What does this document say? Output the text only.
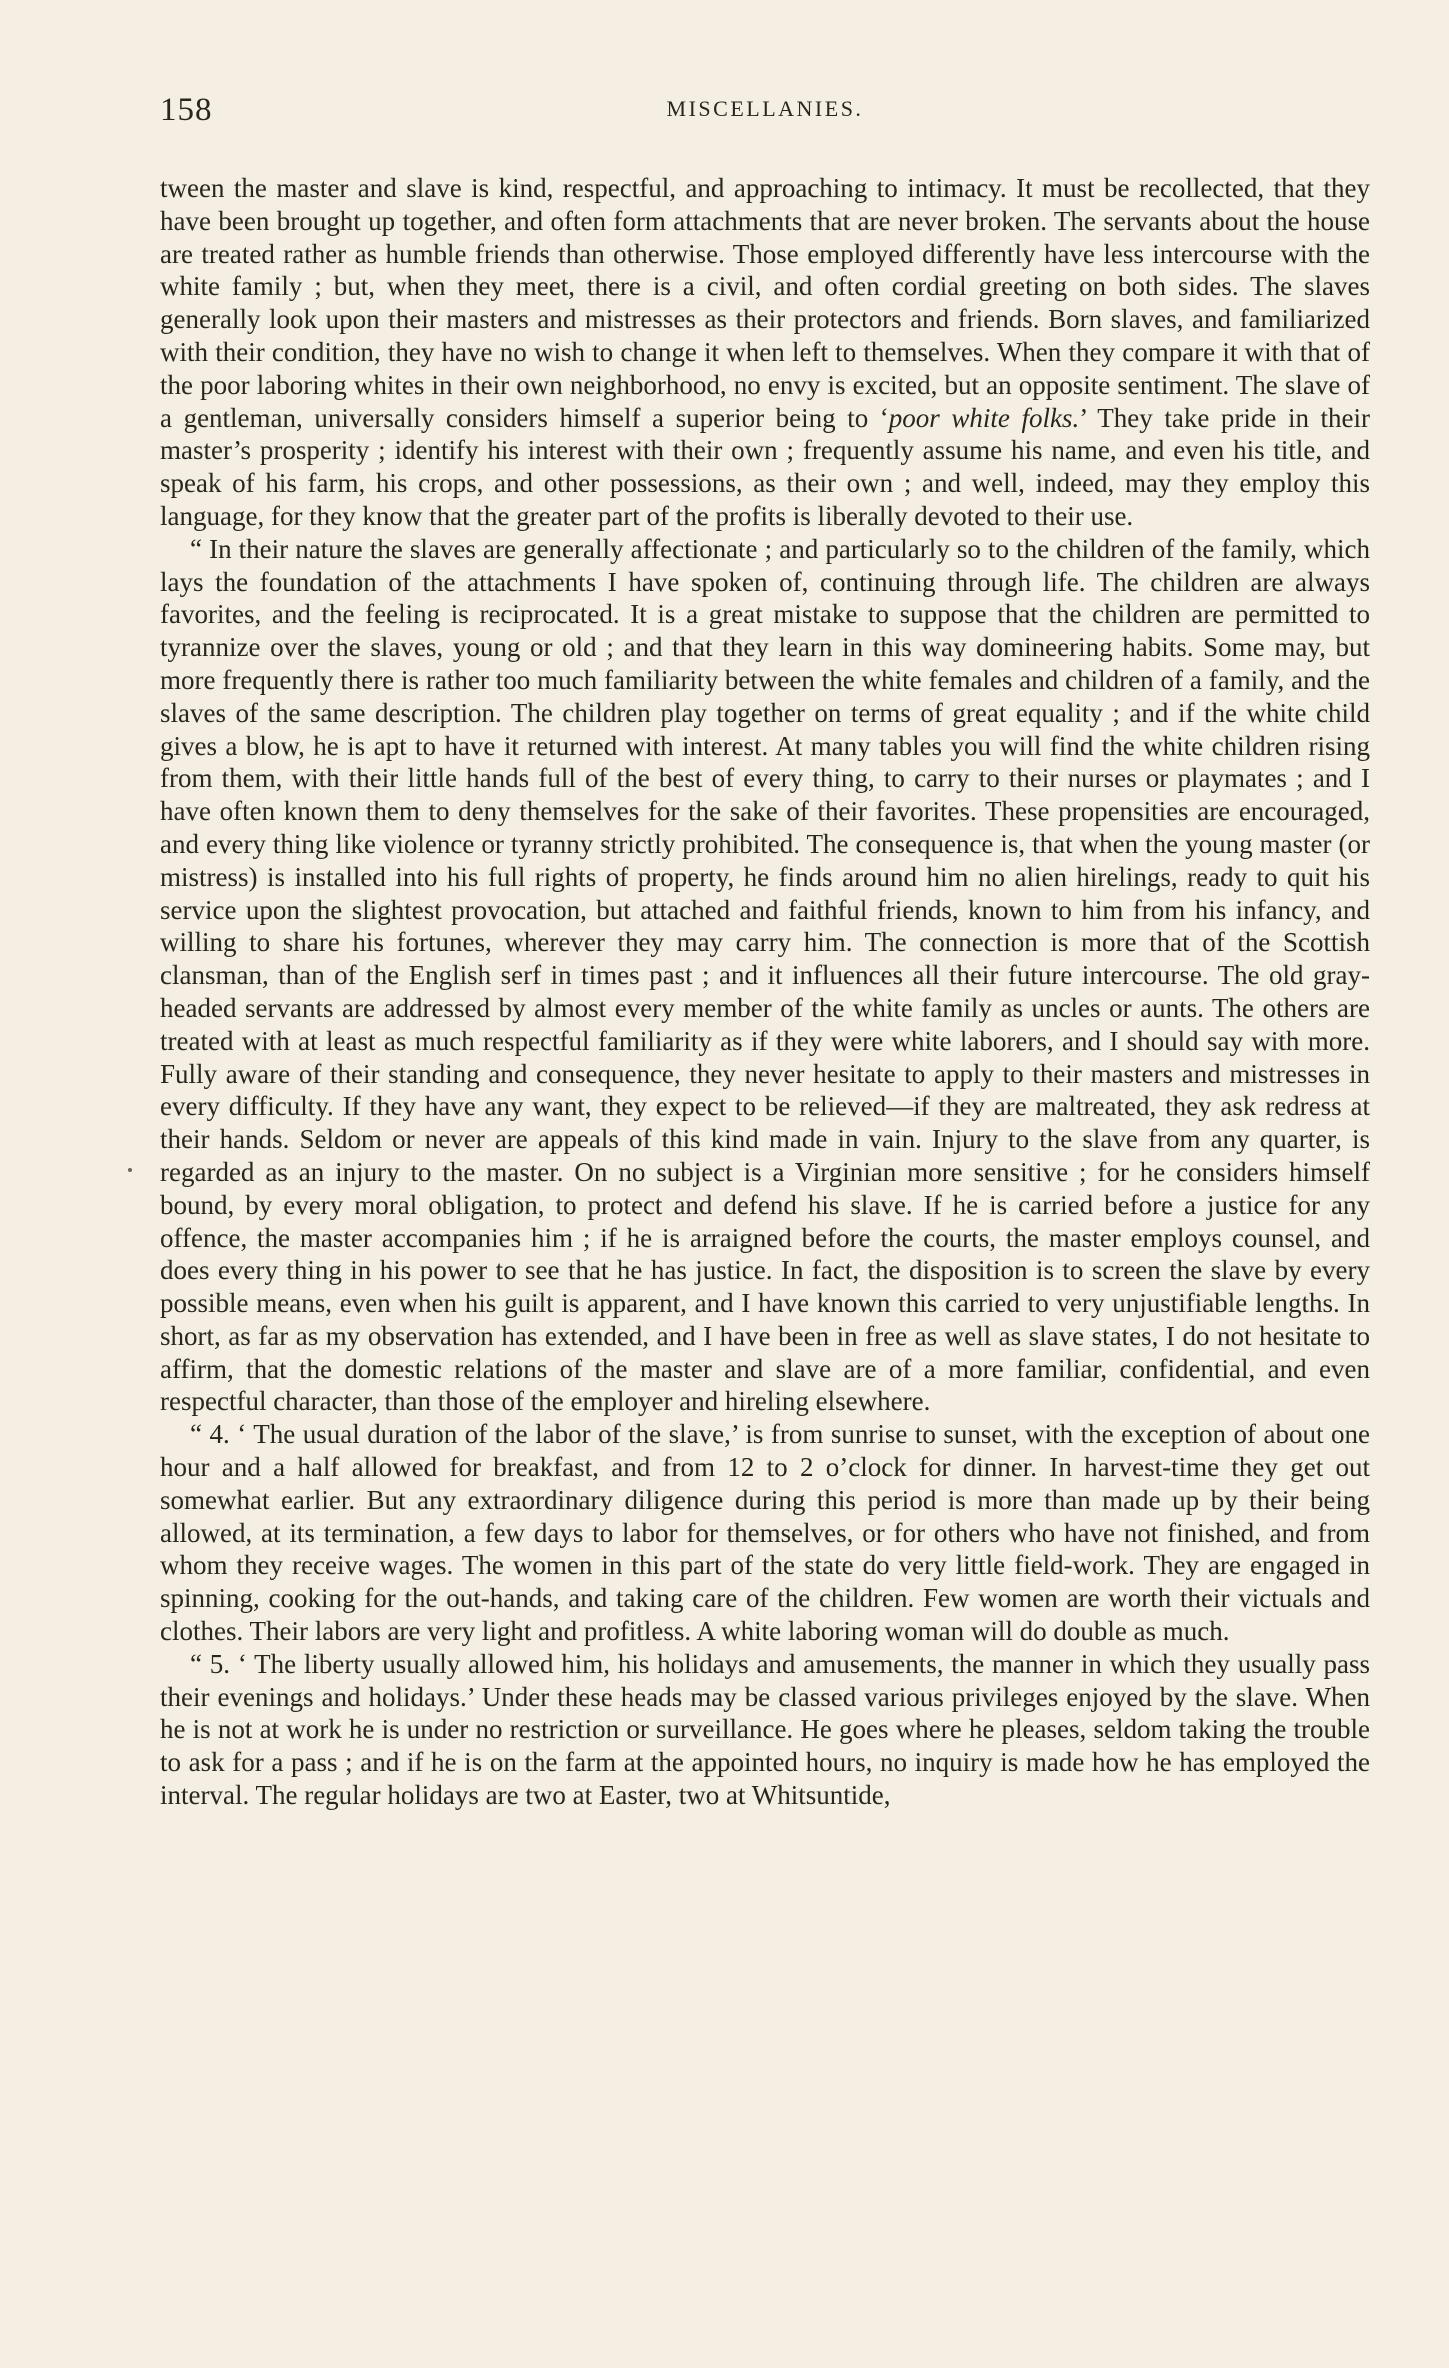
158	MISCELLANIES.

tween the master and slave is kind, respectful, and approaching to intimacy. It must be recollected, that they have been brought up together, and often form attachments that are never broken. The servants about the house are treated rather as humble friends than otherwise. Those employed differently have less intercourse with the white family ; but, when they meet, there is a civil, and often cordial greeting on both sides. The slaves generally look upon their masters and mistresses as their protectors and friends. Born slaves, and familiarized with their condition, they have no wish to change it when left to themselves. When they compare it with that of the poor laboring whites in their own neighborhood, no envy is excited, but an opposite sentiment. The slave of a gentleman, universally considers himself a superior being to ‘poor white folks.’ They take pride in their master’s prosperity ; identify his interest with their own ; frequently assume his name, and even his title, and speak of his farm, his crops, and other possessions, as their own ; and well, indeed, may they employ this language, for they know that the greater part of the profits is liberally devoted to their use.

“ In their nature the slaves are generally affectionate ; and particularly so to the children of the family, which lays the foundation of the attachments I have spoken of, continuing through life. The children are always favorites, and the feeling is reciprocated. It is a great mistake to suppose that the children are permitted to tyrannize over the slaves, young or old ; and that they learn in this way domineering habits. Some may, but more frequently there is rather too much familiarity between the white females and children of a family, and the slaves of the same description. The children play together on terms of great equality ; and if the white child gives a blow, he is apt to have it returned with interest. At many tables you will find the white children rising from them, with their little hands full of the best of every thing, to carry to their nurses or playmates ; and I have often known them to deny themselves for the sake of their favorites. These propensities are encouraged, and every thing like violence or tyranny strictly prohibited. The consequence is, that when the young master (or mistress) is installed into his full rights of property, he finds around him no alien hirelings, ready to quit his service upon the slightest provocation, but attached and faithful friends, known to him from his infancy, and willing to share his fortunes, wherever they may carry him. The connection is more that of the Scottish clansman, than of the English serf in times past ; and it influences all their future intercourse. The old gray-headed servants are addressed by almost every member of the white family as uncles or aunts. The others are treated with at least as much respectful familiarity as if they were white laborers, and I should say with more. Fully aware of their standing and consequence, they never hesitate to apply to their masters and mistresses in every difficulty. If they have any want, they expect to be relieved—if they are maltreated, they ask redress at their hands. Seldom or never are appeals of this kind made in vain. Injury to the slave from any quarter, is regarded as an injury to the master. On no subject is a Virginian more sensitive ; for he considers himself bound, by every moral obligation, to protect and defend his slave. If he is carried before a justice for any offence, the master accompanies him ; if he is arraigned before the courts, the master employs counsel, and does every thing in his power to see that he has justice. In fact, the disposition is to screen the slave by every possible means, even when his guilt is apparent, and I have known this carried to very unjustifiable lengths. In short, as far as my observation has extended, and I have been in free as well as slave states, I do not hesitate to affirm, that the domestic relations of the master and slave are of a more familiar, confidential, and even respectful character, than those of the employer and hireling elsewhere.

“ 4. ‘ The usual duration of the labor of the slave,’ is from sunrise to sunset, with the exception of about one hour and a half allowed for breakfast, and from 12 to 2 o’clock for dinner. In harvest-time they get out somewhat earlier. But any extraordinary diligence during this period is more than made up by their being allowed, at its termination, a few days to labor for themselves, or for others who have not finished, and from whom they receive wages. The women in this part of the state do very little field-work. They are engaged in spinning, cooking for the out-hands, and taking care of the children. Few women are worth their victuals and clothes. Their labors are very light and profitless. A white laboring woman will do double as much.

“ 5. ‘ The liberty usually allowed him, his holidays and amusements, the manner in which they usually pass their evenings and holidays.’ Under these heads may be classed various privileges enjoyed by the slave. When he is not at work he is under no restriction or surveillance. He goes where he pleases, seldom taking the trouble to ask for a pass ; and if he is on the farm at the appointed hours, no inquiry is made how he has employed the interval. The regular holidays are two at Easter, two at Whitsuntide,
